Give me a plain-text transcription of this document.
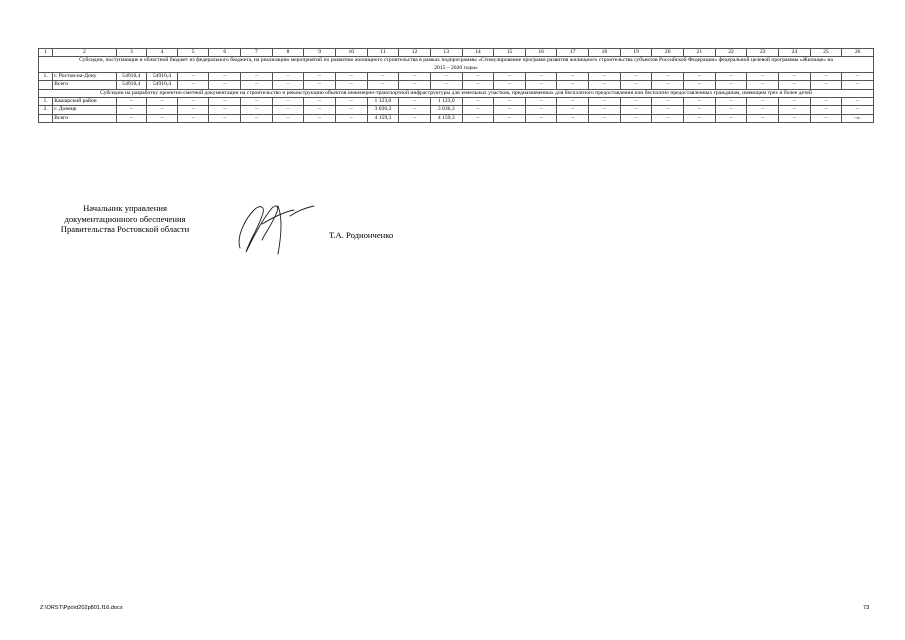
1	2	3	4	5	6	7	8	9	10	11	12	13	14	15	16	17	18	19	20	21	22	23	24	25	26
Субсидии, поступающие в областной бюджет из федерального бюджета, на реализацию мероприятий по развитию жилищного строительства в рамках подпрограммы «Стимулирование программ развития жилищного строительства субъектов Российской Федерации» федеральной целевой программы «Жилище» на 2015 – 2020 годы»																									
1.	г. Ростов-на-Дону	54910,4	54910,4	–	–	–	–	–	–	–	–	–	–	–	–	–	–	–	–	–	–	–	–	–	–
	Всего	54910,4	54910,4	–	–	–	–	–	–	–	–	–	–	–	–	–	–	–	–	–	–	–	–	–	–
Субсидии на разработку проектно-сметной документации на строительство и реконструкцию объектов инженерно-транспортной инфраструктуры для земельных участков, предназначенных для бесплатного предоставления или бесплатно предоставленных гражданам, имеющим трех и более детей																									
1.	Кашарский район	–	–	–	–	–	–	–	–	1 123,0	–	1 123,0	–	–	–	–	–	–	–	–	–	–	–	–	–
2.	г. Донецк	–	–	–	–	–	–	–	–	3 036,3	–	3 036,3	–	–	–	–	–	–	–	–	–	–	–	–	–
	Всего	–	–	–	–	–	–	–	–	4 159,3	–	4 159,3	–	–	–	–	–	–	–	–	–	–	–	–	–».
Начальник управления
документационного обеспечения
Правительства Ростовской области
Т.А. Родионченко
Z:\ORST\Ppo\d202p801.f16.docx	73
